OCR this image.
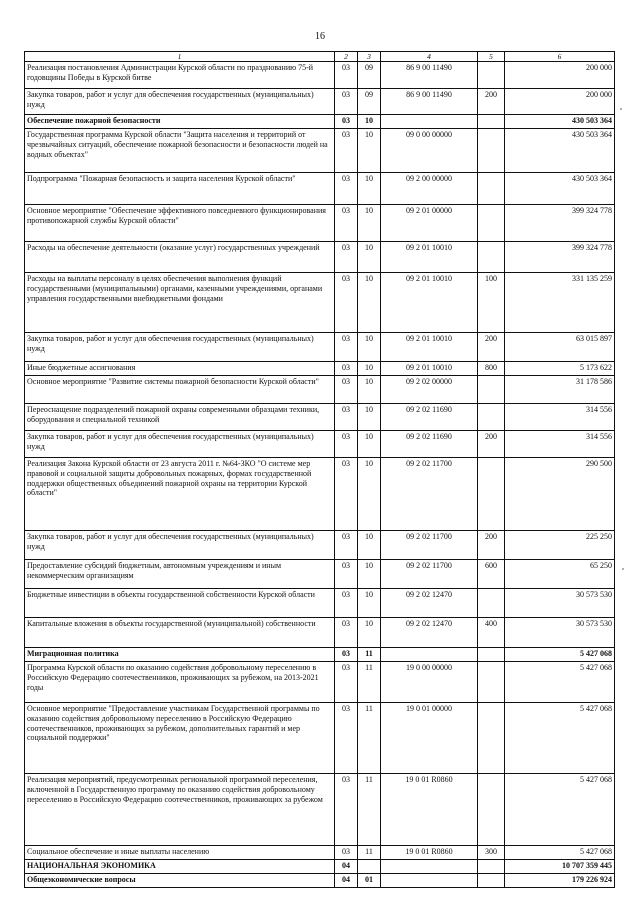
16
1	2	3	4	5	6
Реализация постановления Администрации Курской области по празднованию 75-й годовщины Победы в Курской битве	03	09	86 9 00 11490		200 000
Закупка товаров, работ и услуг для обеспечения государственных (муниципальных) нужд	03	09	86 9 00 11490	200	200 000
Обеспечение пожарной безопасности	03	10			430 503 364
Государственная программа Курской области "Защита населения и территорий от чрезвычайных ситуаций, обеспечение пожарной безопасности и безопасности людей на водных объектах"	03	10	09 0 00 00000		430 503 364
Подпрограмма "Пожарная безопасность и защита населения Курской области"	03	10	09 2 00 00000		430 503 364
Основное мероприятие "Обеспечение эффективного повседневного функционирования противопожарной службы Курской области"	03	10	09 2 01 00000		399 324 778
Расходы на обеспечение деятельности (оказание услуг) государственных учреждений	03	10	09 2 01 10010		399 324 778
Расходы на выплаты персоналу в целях обеспечения выполнения функций государственными (муниципальными) органами, казенными учреждениями, органами управления государственными внебюджетными фондами	03	10	09 2 01 10010	100	331 135 259
Закупка товаров, работ и услуг для обеспечения государственных (муниципальных) нужд	03	10	09 2 01 10010	200	63 015 897
Иные бюджетные ассигнования	03	10	09 2 01 10010	800	5 173 622
Основное мероприятие "Развитие системы пожарной безопасности Курской области"	03	10	09 2 02 00000		31 178 586
Переоснащение подразделений пожарной охраны современными образцами техники, оборудования и специальной техникой	03	10	09 2 02 11690		314 556
Закупка товаров, работ и услуг для обеспечения государственных (муниципальных) нужд	03	10	09 2 02 11690	200	314 556
Реализация Закона Курской области от 23 августа 2011 г. №64-ЗКО "О системе мер правовой и социальной защиты добровольных пожарных, формах государственной поддержки общественных объединений пожарной охраны на территории Курской области"	03	10	09 2 02 11700		290 500
Закупка товаров, работ и услуг для обеспечения государственных (муниципальных) нужд	03	10	09 2 02 11700	200	225 250
Предоставление субсидий бюджетным, автономным учреждениям и иным некоммерческим организациям	03	10	09 2 02 11700	600	65 250
Бюджетные инвестиции в объекты государственной собственности Курской области	03	10	09 2 02 12470		30 573 530
Капитальные вложения в объекты государственной (муниципальной) собственности	03	10	09 2 02 12470	400	30 573 530
Миграционная политика	03	11			5 427 068
Программа Курской области по оказанию содействия добровольному переселению в Российскую Федерацию соотечественников, проживающих за рубежом, на 2013-2021 годы	03	11	19 0 00 00000		5 427 068
Основное мероприятие "Предоставление участникам Государственной программы по оказанию содействия добровольному переселению в Российскую Федерацию соотечественников, проживающих за рубежом, дополнительных гарантий и мер социальной поддержки"	03	11	19 0 01 00000		5 427 068
Реализация мероприятий, предусмотренных региональной программой переселения, включенной в Государственную программу по оказанию содействия добровольному переселению в Российскую Федерацию соотечественников, проживающих за рубежом	03	11	19 0 01 R0860		5 427 068
Социальное обеспечение и иные выплаты населению	03	11	19 0 01 R0860	300	5 427 068
НАЦИОНАЛЬНАЯ ЭКОНОМИКА	04				10 707 359 445
Общеэкономические вопросы	04	01			179 226 924
